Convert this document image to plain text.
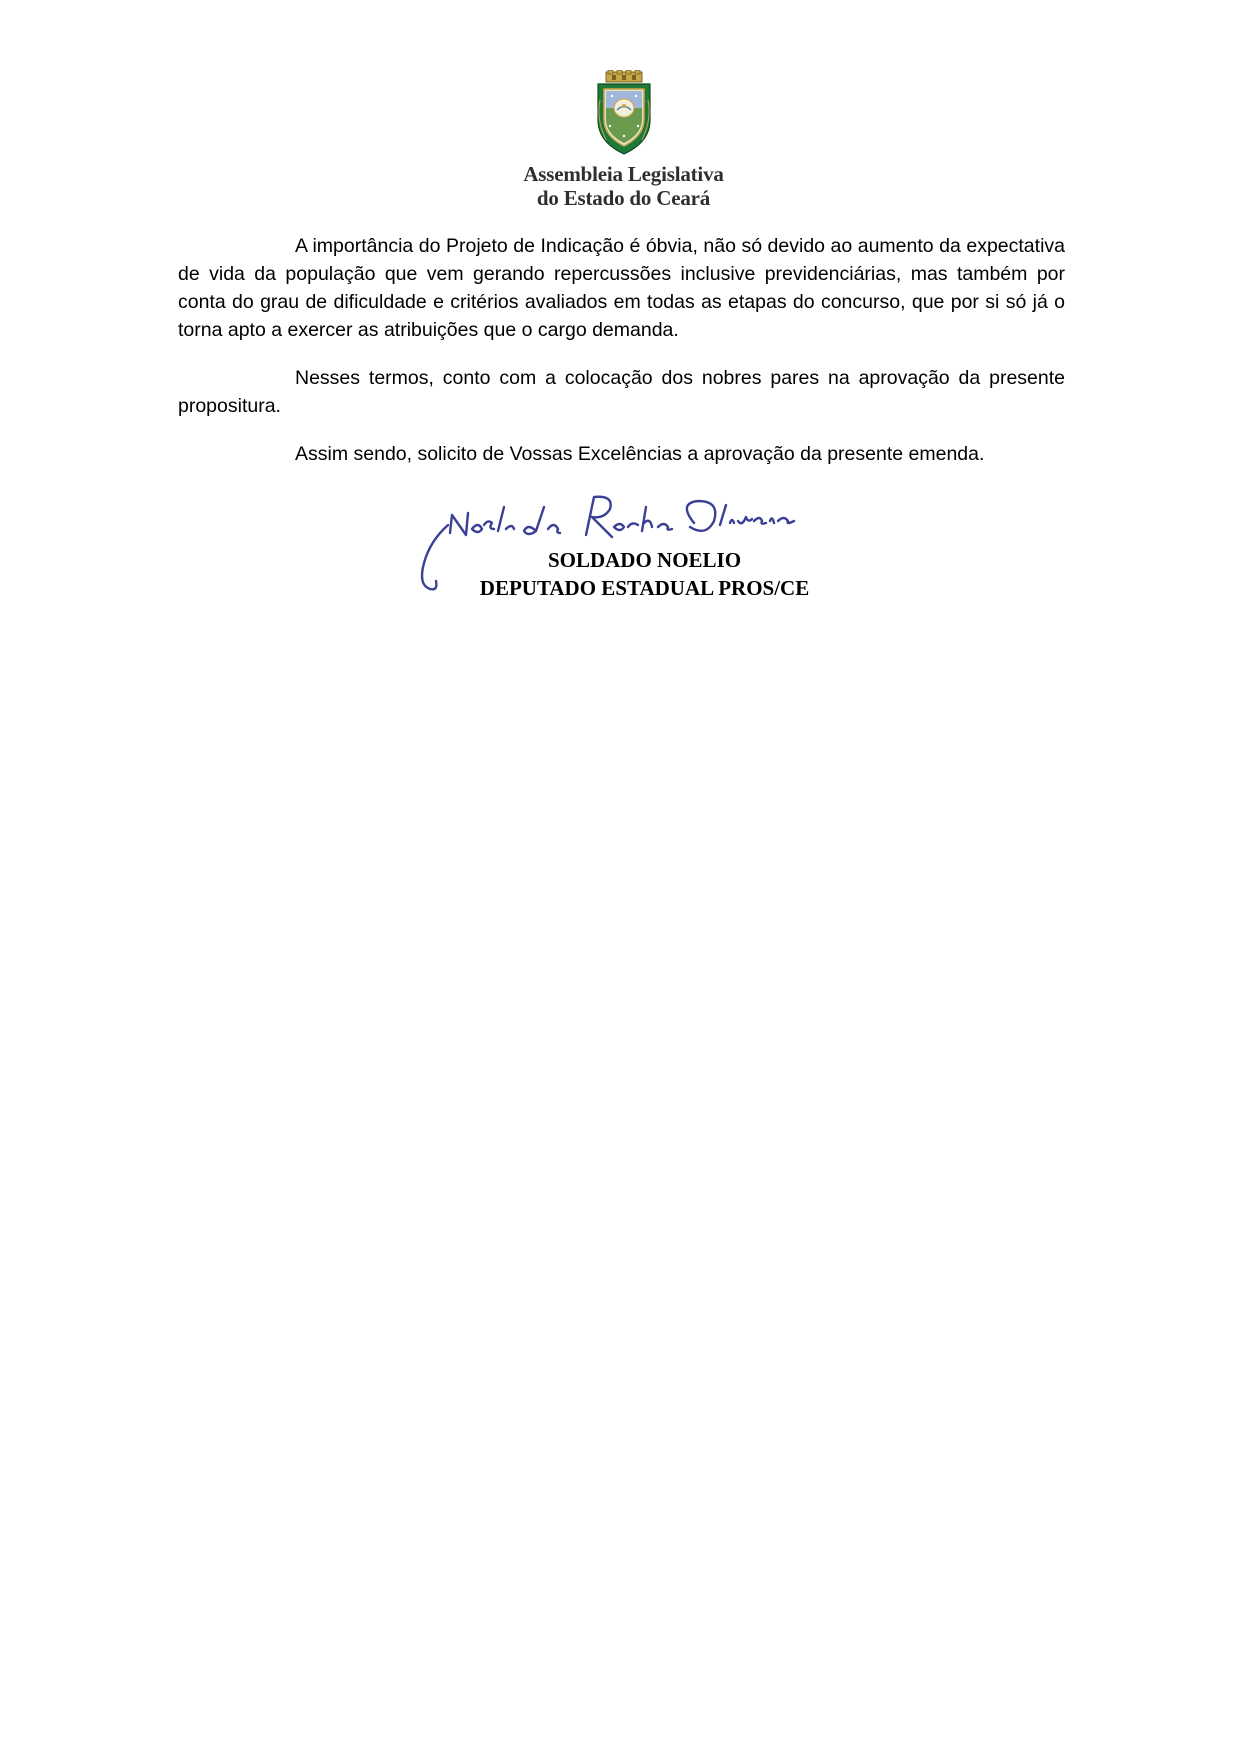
Assembleia Legislativa
do Estado do Ceará

A importância do Projeto de Indicação é óbvia, não só devido ao aumento da expectativa de vida da população que vem gerando repercussões inclusive previdenciárias, mas também por conta do grau de dificuldade e critérios avaliados em todas as etapas do concurso, que por si só já o torna apto a exercer as atribuições que o cargo demanda.

Nesses termos, conto com a colocação dos nobres pares na aprovação da presente propositura.

Assim sendo, solicito de Vossas Excelências a aprovação da presente emenda.

SOLDADO NOELIO
DEPUTADO ESTADUAL PROS/CE
